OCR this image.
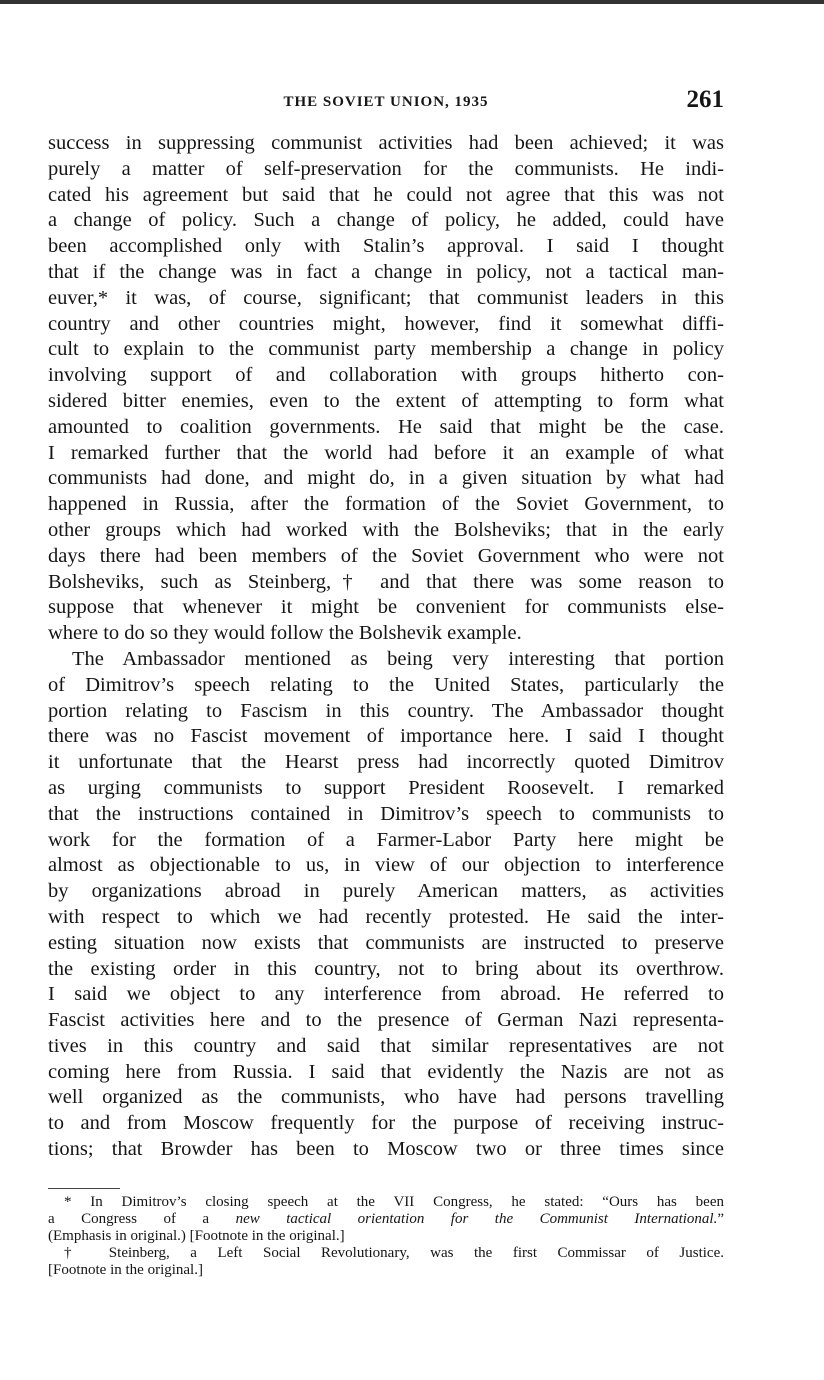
THE SOVIET UNION, 1935	261
success in suppressing communist activities had been achieved; it was
purely a matter of self-preservation for the communists. He indi-
cated his agreement but said that he could not agree that this was not
a change of policy. Such a change of policy, he added, could have
been accomplished only with Stalin’s approval. I said I thought
that if the change was in fact a change in policy, not a tactical man-
euver,* it was, of course, significant; that communist leaders in this
country and other countries might, however, find it somewhat diffi-
cult to explain to the communist party membership a change in policy
involving support of and collaboration with groups hitherto con-
sidered bitter enemies, even to the extent of attempting to form what
amounted to coalition governments. He said that might be the case.
I remarked further that the world had before it an example of what
communists had done, and might do, in a given situation by what had
happened in Russia, after the formation of the Soviet Government, to
other groups which had worked with the Bolsheviks; that in the early
days there had been members of the Soviet Government who were not
Bolsheviks, such as Steinberg,† and that there was some reason to
suppose that whenever it might be convenient for communists else-
where to do so they would follow the Bolshevik example.
The Ambassador mentioned as being very interesting that portion
of Dimitrov’s speech relating to the United States, particularly the
portion relating to Fascism in this country. The Ambassador thought
there was no Fascist movement of importance here. I said I thought
it unfortunate that the Hearst press had incorrectly quoted Dimitrov
as urging communists to support President Roosevelt. I remarked
that the instructions contained in Dimitrov’s speech to communists to
work for the formation of a Farmer-Labor Party here might be
almost as objectionable to us, in view of our objection to interference
by organizations abroad in purely American matters, as activities
with respect to which we had recently protested. He said the inter-
esting situation now exists that communists are instructed to preserve
the existing order in this country, not to bring about its overthrow.
I said we object to any interference from abroad. He referred to
Fascist activities here and to the presence of German Nazi representa-
tives in this country and said that similar representatives are not
coming here from Russia. I said that evidently the Nazis are not as
well organized as the communists, who have had persons travelling
to and from Moscow frequently for the purpose of receiving instruc-
tions; that Browder has been to Moscow two or three times since
* In Dimitrov’s closing speech at the VII Congress, he stated: “Ours has been
a Congress of a new tactical orientation for the Communist International.”
(Emphasis in original.) [Footnote in the original.]
† Steinberg, a Left Social Revolutionary, was the first Commissar of Justice.
[Footnote in the original.]
